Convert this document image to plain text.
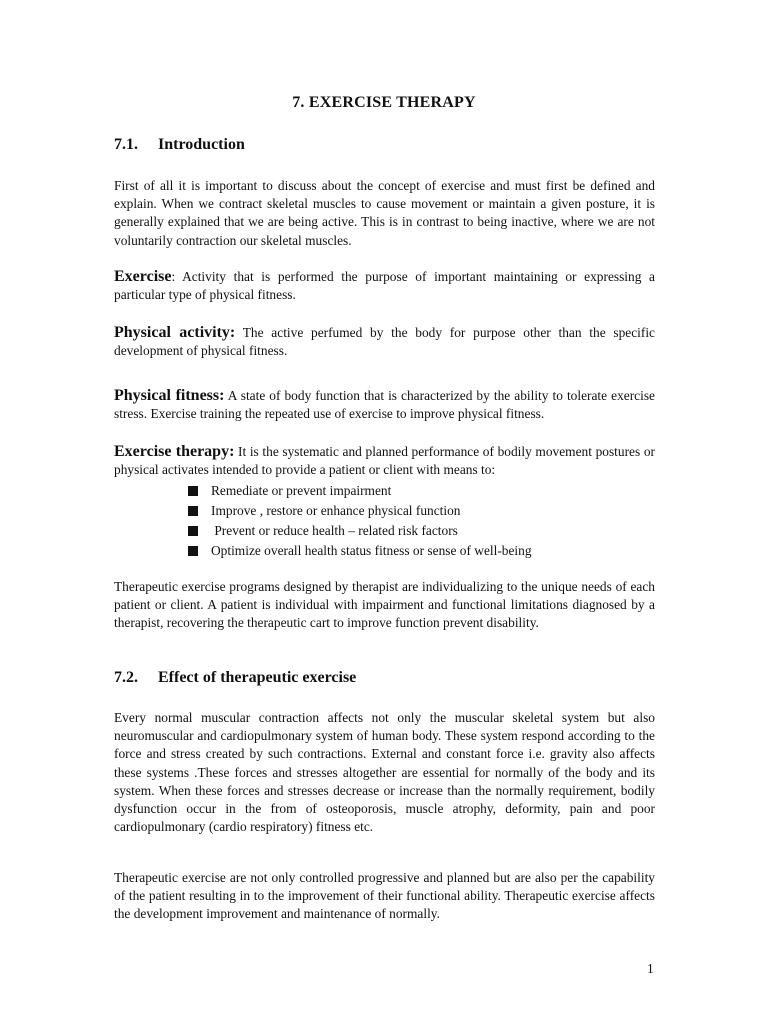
7. EXERCISE THERAPY
7.1. Introduction

First of all it is important to discuss about the concept of exercise and must first be defined and explain. When we contract skeletal muscles to cause movement or maintain a given posture, it is generally explained that we are being active. This is in contrast to being inactive, where we are not voluntarily contraction our skeletal muscles.

Exercise: Activity that is performed the purpose of important maintaining or expressing a particular type of physical fitness.

Physical activity: The active perfumed by the body for purpose other than the specific development of physical fitness.

Physical fitness: A state of body function that is characterized by the ability to tolerate exercise stress. Exercise training the repeated use of exercise to improve physical fitness.

Exercise therapy: It is the systematic and planned performance of bodily movement postures or physical activates intended to provide a patient or client with means to:

Remediate or prevent impairment
Improve , restore or enhance physical function
Prevent or reduce health – related risk factors
Optimize overall health status fitness or sense of well-being

Therapeutic exercise programs designed by therapist are individualizing to the unique needs of each patient or client. A patient is individual with impairment and functional limitations diagnosed by a therapist, recovering the therapeutic cart to improve function prevent disability.

7.2. Effect of therapeutic exercise

Every normal muscular contraction affects not only the muscular skeletal system but also neuromuscular and cardiopulmonary system of human body. These system respond according to the force and stress created by such contractions. External and constant force i.e. gravity also affects these systems .These forces and stresses altogether are essential for normally of the body and its system. When these forces and stresses decrease or increase than the normally requirement, bodily dysfunction occur in the from of osteoporosis, muscle atrophy, deformity, pain and poor cardiopulmonary (cardio respiratory) fitness etc.

Therapeutic exercise are not only controlled progressive and planned but are also per the capability of the patient resulting in to the improvement of their functional ability. Therapeutic exercise affects the development improvement and maintenance of normally.

1
